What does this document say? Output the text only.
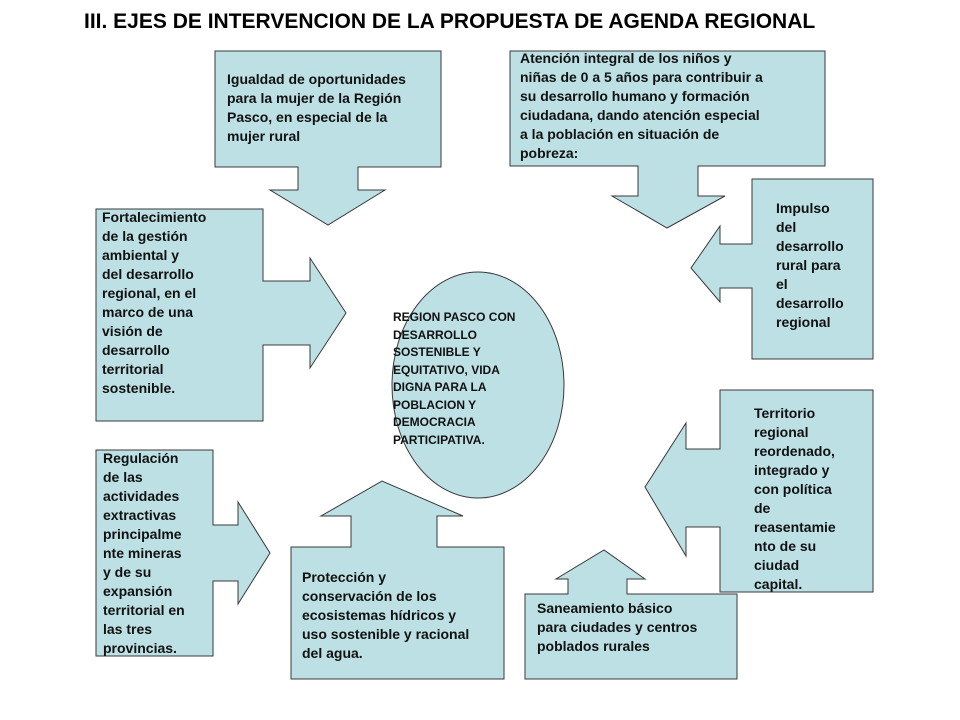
III. EJES DE INTERVENCION DE LA PROPUESTA DE AGENDA REGIONAL
Igualdad de oportunidades
para la mujer de la Región
Pasco, en especial de la
mujer rural
Atención integral de los niños y
niñas de 0 a 5 años para contribuir a
su desarrollo humano y formación
ciudadana, dando atención especial
a la población en situación de
pobreza:
Fortalecimiento
de la gestión
ambiental y
del desarrollo
regional, en el
marco de una
visión de
desarrollo
territorial
sostenible.
Impulso
del
desarrollo
rural para
el
desarrollo
regional
REGION PASCO CON
DESARROLLO
SOSTENIBLE Y
EQUITATIVO, VIDA
DIGNA PARA LA
POBLACION Y
DEMOCRACIA
PARTICIPATIVA.
Territorio
regional
reordenado,
integrado y
con política
de
reasentamie
nto de su
ciudad
capital.
Regulación
de las
actividades
extractivas
principalme
nte mineras
y de su
expansión
territorial en
las tres
provincias.
Protección y
conservación de los
ecosistemas hídricos y
uso sostenible y racional
del agua.
Saneamiento básico
para ciudades y centros
poblados rurales
